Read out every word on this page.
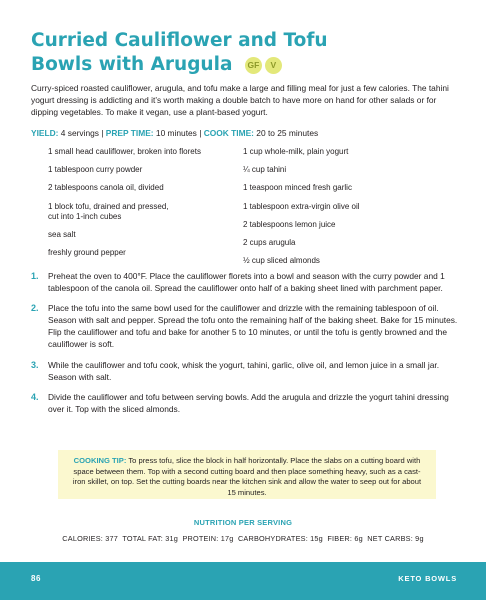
Curried Cauliflower and Tofu
Bowls with Arugula GF V
Curry-spiced roasted cauliflower, arugula, and tofu make a large and filling meal for just a few calories. The tahini yogurt dressing is addicting and it’s worth making a double batch to have more on hand for other salads or for dipping vegetables. To make it vegan, use a plant-based yogurt.
YIELD: 4 servings | PREP TIME: 10 minutes | COOK TIME: 20 to 25 minutes
1 small head cauliflower, broken into florets
1 tablespoon curry powder
2 tablespoons canola oil, divided
1 block tofu, drained and pressed,
cut into 1-inch cubes
sea salt
freshly ground pepper
1 cup whole-milk, plain yogurt
¼ cup tahini
1 teaspoon minced fresh garlic
1 tablespoon extra-virgin olive oil
2 tablespoons lemon juice
2 cups arugula
½ cup sliced almonds
1. Preheat the oven to 400°F. Place the cauliflower florets into a bowl and season with the curry powder and 1 tablespoon of the canola oil. Spread the cauliflower onto half of a baking sheet lined with parchment paper.
2. Place the tofu into the same bowl used for the cauliflower and drizzle with the remaining tablespoon of oil. Season with salt and pepper. Spread the tofu onto the remaining half of the baking sheet. Bake for 15 minutes. Flip the cauliflower and tofu and bake for another 5 to 10 minutes, or until the tofu is gently browned and the cauliflower is soft.
3. While the cauliflower and tofu cook, whisk the yogurt, tahini, garlic, olive oil, and lemon juice in a small jar. Season with salt.
4. Divide the cauliflower and tofu between serving bowls. Add the arugula and drizzle the yogurt tahini dressing over it. Top with the sliced almonds.
COOKING TIP: To press tofu, slice the block in half horizontally. Place the slabs on a cutting board with space between them. Top with a second cutting board and then place something heavy, such as a cast-iron skillet, on top. Set the cutting boards near the kitchen sink and allow the water to seep out for about 15 minutes.
NUTRITION PER SERVING
CALORIES: 377  TOTAL FAT: 31g  PROTEIN: 17g  CARBOHYDRATES: 15g  FIBER: 6g  NET CARBS: 9g
86	KETO BOWLS
